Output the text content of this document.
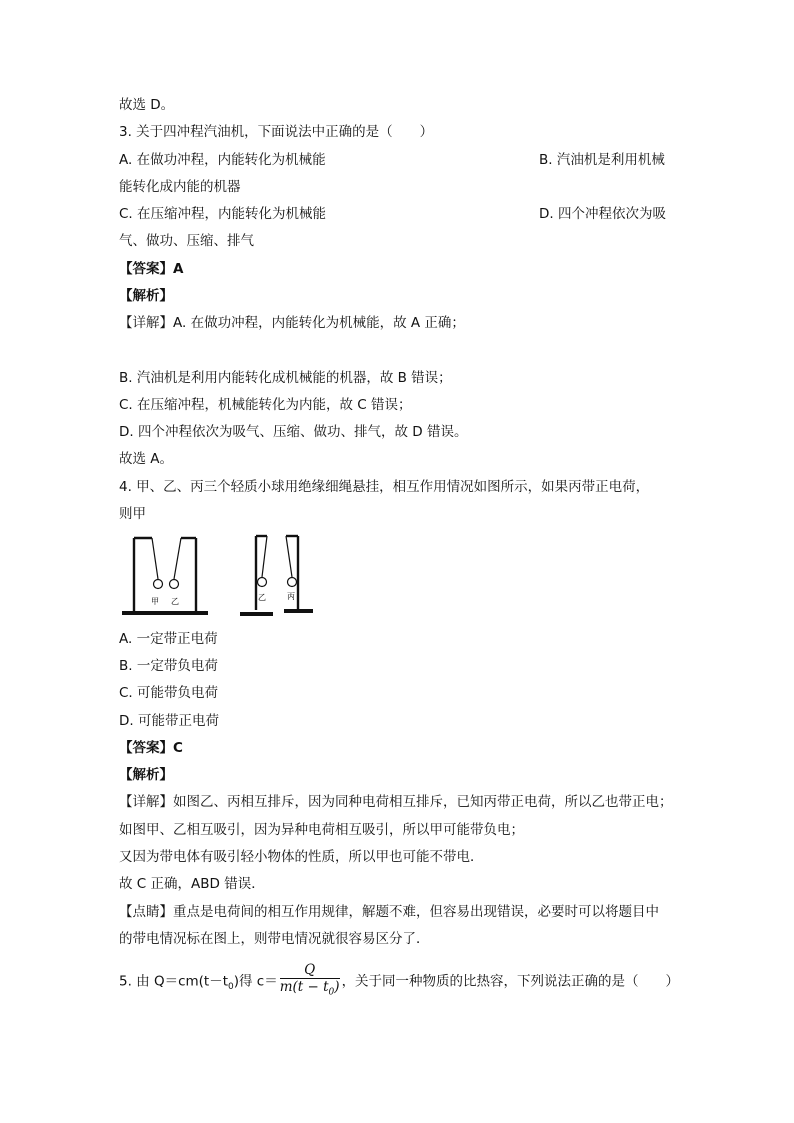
故选 D。
3. 关于四冲程汽油机，下面说法中正确的是（　　）
A. 在做功冲程，内能转化为机械能	B. 汽油机是利用机械
能转化成内能的机器
C. 在压缩冲程，内能转化为机械能	D. 四个冲程依次为吸
气、做功、压缩、排气
【答案】A
【解析】
【详解】A. 在做功冲程，内能转化为机械能，故 A 正确；
B. 汽油机是利用内能转化成机械能的机器，故 B 错误；
C. 在压缩冲程，机械能转化为内能，故 C 错误；
D. 四个冲程依次为吸气、压缩、做功、排气，故 D 错误。
故选 A。
4. 甲、乙、丙三个轻质小球用绝缘细绳悬挂，相互作用情况如图所示，如果丙带正电荷，
则甲
甲 乙	乙	丙
A. 一定带正电荷
B. 一定带负电荷
C. 可能带负电荷
D. 可能带正电荷
【答案】C
【解析】
【详解】如图乙、丙相互排斥，因为同种电荷相互排斥，已知丙带正电荷，所以乙也带正电；
如图甲、乙相互吸引，因为异种电荷相互吸引，所以甲可能带负电；
又因为带电体有吸引轻小物体的性质，所以甲也可能不带电．
故 C 正确，ABD 错误．
【点睛】重点是电荷间的相互作用规律，解题不难，但容易出现错误，必要时可以将题目中
的带电情况标在图上，则带电情况就很容易区分了．
5. 由 $Q=cm(t-t_0)$得 $c= \frac{Q}{m(t - t_0)}$ ，关于同一种物质的比热容，下列说法正确的是（　　）
